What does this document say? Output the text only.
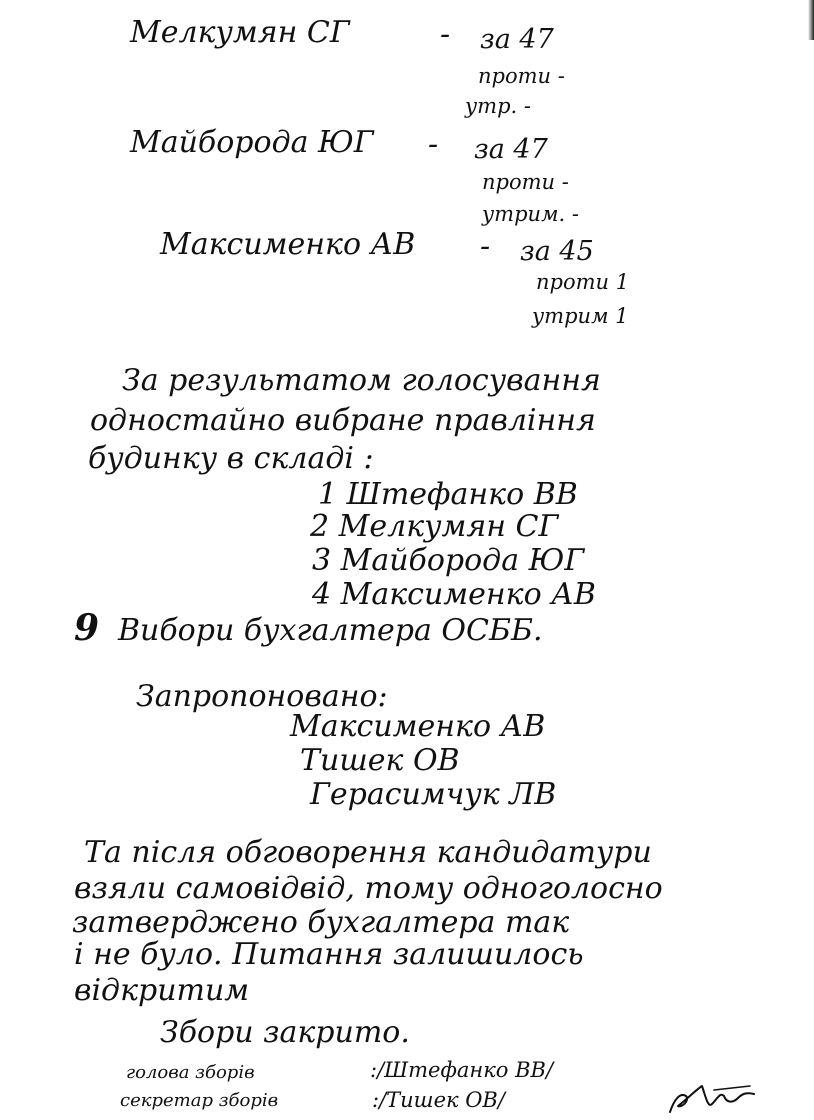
Мелкумян СГ	- за 47
проти -
утр. -
Майборода ЮГ - за 47
проти -
утрим. -
Максименко АВ - за 45
проти 1
утрим 1
За результатом голосування
одностайно вибране правління
будинку в складі :
1 Штефанко ВВ
2 Мелкумян СГ
3 Майборода ЮГ
4 Максименко АВ
9 Вибори бухгалтера ОСББ.
Запропоновано:
Максименко АВ
Тишек ОВ
Герасимчук ЛВ
Та після обговорення кандидатури
взяли самовідвід, тому одноголосно
затверджено бухгалтера так
і не було. Питання залишилось
відкритим
Збори закрито.
голова зборів	:/Штефанко ВВ/
секретар зборів	:/Тишек ОВ/
